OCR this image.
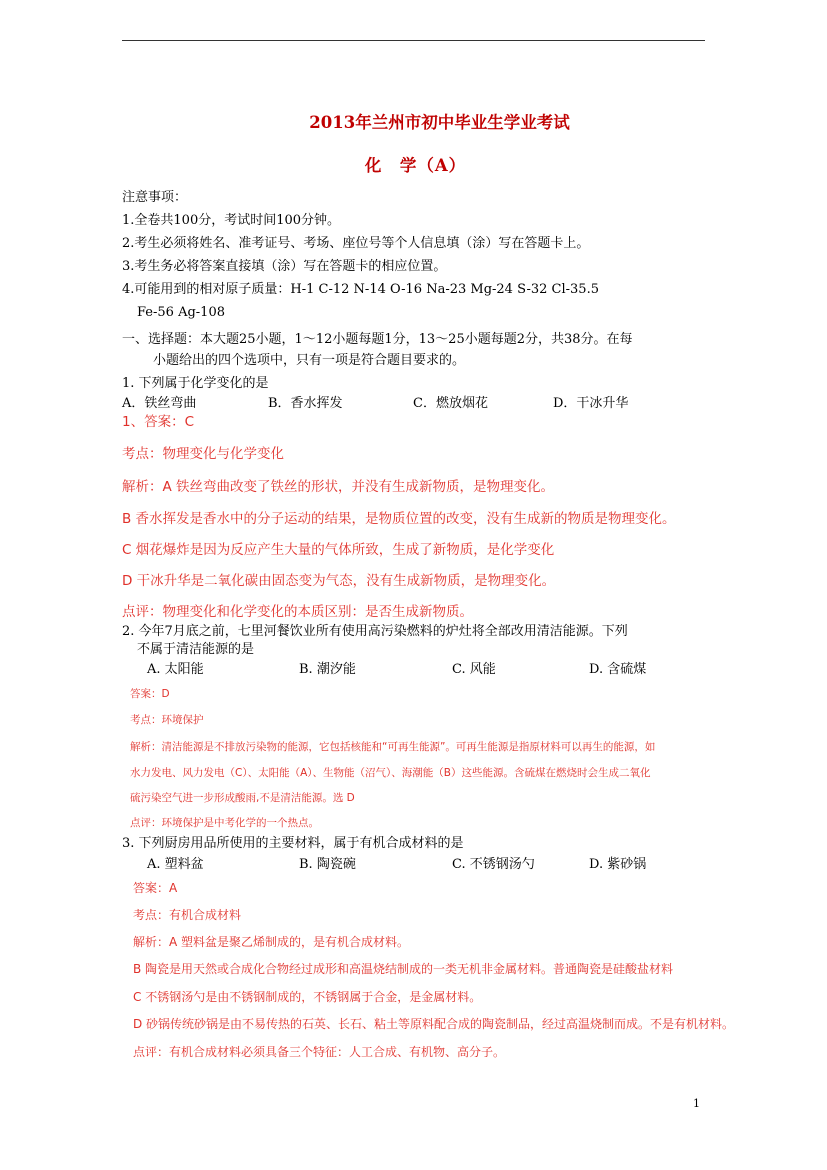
2013年兰州市初中毕业生学业考试
化　学（A）
注意事项：
1.全卷共100分，考试时间100分钟。
2.考生必须将姓名、准考证号、考场、座位号等个人信息填（涂）写在答题卡上。
3.考生务必将答案直接填（涂）写在答题卡的相应位置。
4.可能用到的相对原子质量：H-1 C-12 N-14 O-16 Na-23 Mg-24 S-32 Cl-35.5
Fe-56 Ag-108
一、选择题：本大题25小题，1～12小题每题1分，13～25小题每题2分，共38分。在每
小题给出的四个选项中，只有一项是符合题目要求的。
1. 下列属于化学变化的是
A．铁丝弯曲	B．香水挥发	C．燃放烟花	D．干冰升华
1、答案：C
考点：物理变化与化学变化
解析：A 铁丝弯曲改变了铁丝的形状，并没有生成新物质，是物理变化。
B 香水挥发是香水中的分子运动的结果，是物质位置的改变，没有生成新的物质是物理变化。
C 烟花爆炸是因为反应产生大量的气体所致，生成了新物质，是化学变化
D 干冰升华是二氧化碳由固态变为气态，没有生成新物质，是物理变化。
点评：物理变化和化学变化的本质区别：是否生成新物质。
2. 今年7月底之前，七里河餐饮业所有使用高污染燃料的炉灶将全部改用清洁能源。下列
不属于清洁能源的是
A. 太阳能	B. 潮汐能	C. 风能	D. 含硫煤
答案：D
考点：环境保护
解析：清洁能源是不排放污染物的能源，它包括核能和“可再生能源”。可再生能源是指原材料可以再生的能源，如
水力发电、风力发电（C）、太阳能（A）、生物能（沼气）、海潮能（B）这些能源。含硫煤在燃烧时会生成二氧化
硫污染空气进一步形成酸雨,不是清洁能源。选 D
点评：环境保护是中考化学的一个热点。
3. 下列厨房用品所使用的主要材料，属于有机合成材料的是
A. 塑料盆	B. 陶瓷碗	C. 不锈钢汤勺	D. 紫砂锅
答案：A
考点：有机合成材料
解析：A 塑料盆是聚乙烯制成的，是有机合成材料。
B 陶瓷是用天然或合成化合物经过成形和高温烧结制成的一类无机非金属材料。普通陶瓷是硅酸盐材料
C 不锈钢汤勺是由不锈钢制成的，不锈钢属于合金，是金属材料。
D 砂锅传统砂锅是由不易传热的石英、长石、粘土等原料配合成的陶瓷制品，经过高温烧制而成。不是有机材料。
点评：有机合成材料必须具备三个特征：人工合成、有机物、高分子。
1
